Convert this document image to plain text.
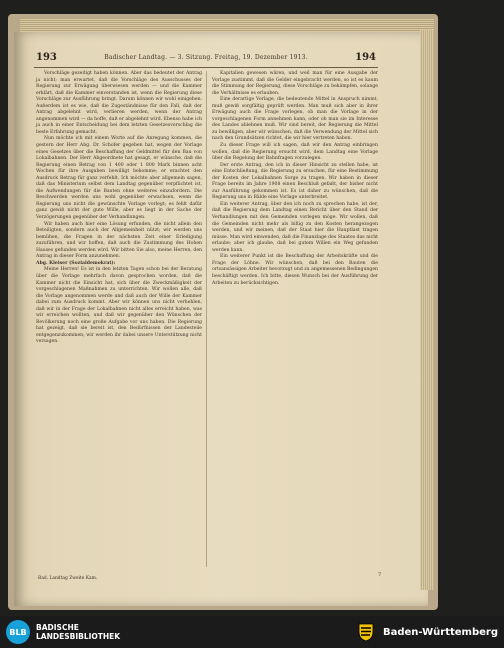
193	Badischer Landtag. — 3. Sitzung. Freitag, 19. Dezember 1913.	194

Vorschläge gezeitigt haben können. Aber das bedeutet der Antrag ja nicht; man erwartet, daß die Vorschläge des Ausschusses der Regierung zur Erwägung überwiesen werden — und die Kammer erklärt, daß die Kammer einverstanden ist, wenn die Regierung diese Vorschläge zur Ausführung bringt. Darum können wir wohl einigehen. Außerdem ist es wie, daß die Zugeständnisse für den Fall, daß der Antrag abgelehnt wird, verlieren werden, wenn der Antrag angenommen wird — da hoffe, daß er abgelehnt wird. Ebenso habe ich ja auch in einer Entscheidung bei dem letzten Gesetzesvorschlag die beste Erfahrung gemacht.

Nun möchte ich mit einem Worte auf die Anregung kommen, die gestern der Herr Abg. Dr. Schofer gegeben hat, wegen der Vorlage eines Gesetzes über die Beschaffung der Geldmittel für den Bau von Lokalbahnen. Der Herr Abgeordnete hat gesagt, er wünsche, daß die Regierung einen Betrag von 1 400 oder 1 800 Mark binnen acht Wochen für ihre Ausgaben bewilligt bekomme; er erachtet den Ausdruck Betrag für ganz verfehlt. Ich möchte aber allgemein sagen, daß das Ministerium selbst dem Landtag gegenüber verpflichtet ist, die Aufwendungen für die Bauten ohne weiteres einzufordern. Die Beschwerden werden uns wohl gegenüber erwachsen, wenn die Regierung uns nicht die gewünschte Vorlage vorlegt; es fehlt dafür ganz gewiß nicht der gute Wille, aber es liegt in der Sache der Verzögerungen gegenüber der Verhandlungen.

Wir haben auch hier eine Lösung erfunden, die nicht allein den Beteiligten, sondern auch der Allgemeinheit nützt; wir werden uns bemühen, die Fragen in der nächsten Zeit einer Erledigung zuzuführen, und wir hoffen, daß auch die Zustimmung des Hohen Hauses gefunden werden wird. Wir bitten Sie also, meine Herren, den Antrag in dieser Form anzunehmen.

Abg. Kleiser (Sozialdemokrat):

Meine Herren! Es ist in den letzten Tagen schon bei der Beratung über die Vorlage mehrfach davon gesprochen worden, daß die Kammer nicht die Einsicht hat, sich über die Zweckmäßigkeit der vorgeschlagenen Maßnahmen zu unterrichten. Wir wollen alle, daß die Vorlage angenommen werde und daß auch der Wille der Kammer dabei zum Ausdruck kommt. Aber wir können uns nicht verhehlen, daß wir in der Frage der Lokalbahnen nicht alles erreicht haben, was wir erreichen wollten, und daß wir gegenüber den Wünschen der Bevölkerung noch eine große Aufgabe vor uns haben. Die Regierung hat gezeigt, daß sie bereit ist, den Bedürfnissen der Landesteile entgegenzukommen; wir werden ihr dabei unsere Unterstützung nicht versagen.

Kapitalien gewesen wären, und weil man für eine Ausgabe der Vorlage zustimmt, daß die Gelder eingebracht werden, so ist es kaum die Stimmung der Regierung, diese Vorschläge zu bekämpfen, solange die Verhältnisse es erlauben.

Eine derartige Vorlage, die bedeutende Mittel in Anspruch nimmt, muß gewiß sorgfältig geprüft werden. Man muß sich aber in ihrer Erwägung auch die Frage vorlegen, ob man die Vorlage in der vorgeschlagenen Form annehmen kann, oder ob man sie im Interesse des Landes ablehnen muß. Wir sind bereit, der Regierung die Mittel zu bewilligen, aber wir wünschen, daß die Verwendung der Mittel sich nach den Grundsätzen richtet, die wir hier vertreten haben.

Zu dieser Frage will ich sagen, daß wir den Antrag einbringen wollen, daß die Regierung ersucht wird, dem Landtag eine Vorlage über die Regelung der Bahnfragen vorzulegen.

Der erste Antrag, den ich in dieser Hinsicht zu stellen habe, ist eine Entschließung, die Regierung zu ersuchen, für eine Bestimmung der Kosten der Lokalbahnen Sorge zu tragen. Wir haben in dieser Frage bereits im Jahre 1908 einen Beschluß gefaßt, der bisher nicht zur Ausführung gekommen ist. Es ist daher zu wünschen, daß die Regierung uns in Bälde eine Vorlage unterbreitet.

Ein weiterer Antrag, über den ich noch zu sprechen habe, ist der, daß die Regierung dem Landtag einen Bericht über den Stand der Verhandlungen mit den Gemeinden vorlegen möge. Wir wollen, daß die Gemeinden nicht mehr als billig zu den Kosten herangezogen werden, und wir meinen, daß der Staat hier die Hauptlast tragen müsse. Man wird einwenden, daß die Finanzlage des Staates das nicht erlaube; aber ich glaube, daß bei gutem Willen ein Weg gefunden werden kann.

Ein weiterer Punkt ist die Beschaffung der Arbeitskräfte und die Frage der Löhne. Wir wünschen, daß bei den Bauten die ortsansässigen Arbeiter bevorzugt und zu angemessenen Bedingungen beschäftigt werden. Ich bitte, diesen Wunsch bei der Ausführung der Arbeiten zu berücksichtigen.

Bad. Landtag Zweite Kam.
7
BLB	BADISCHE
LANDESBIBLIOTHEK	Baden-Württemberg
